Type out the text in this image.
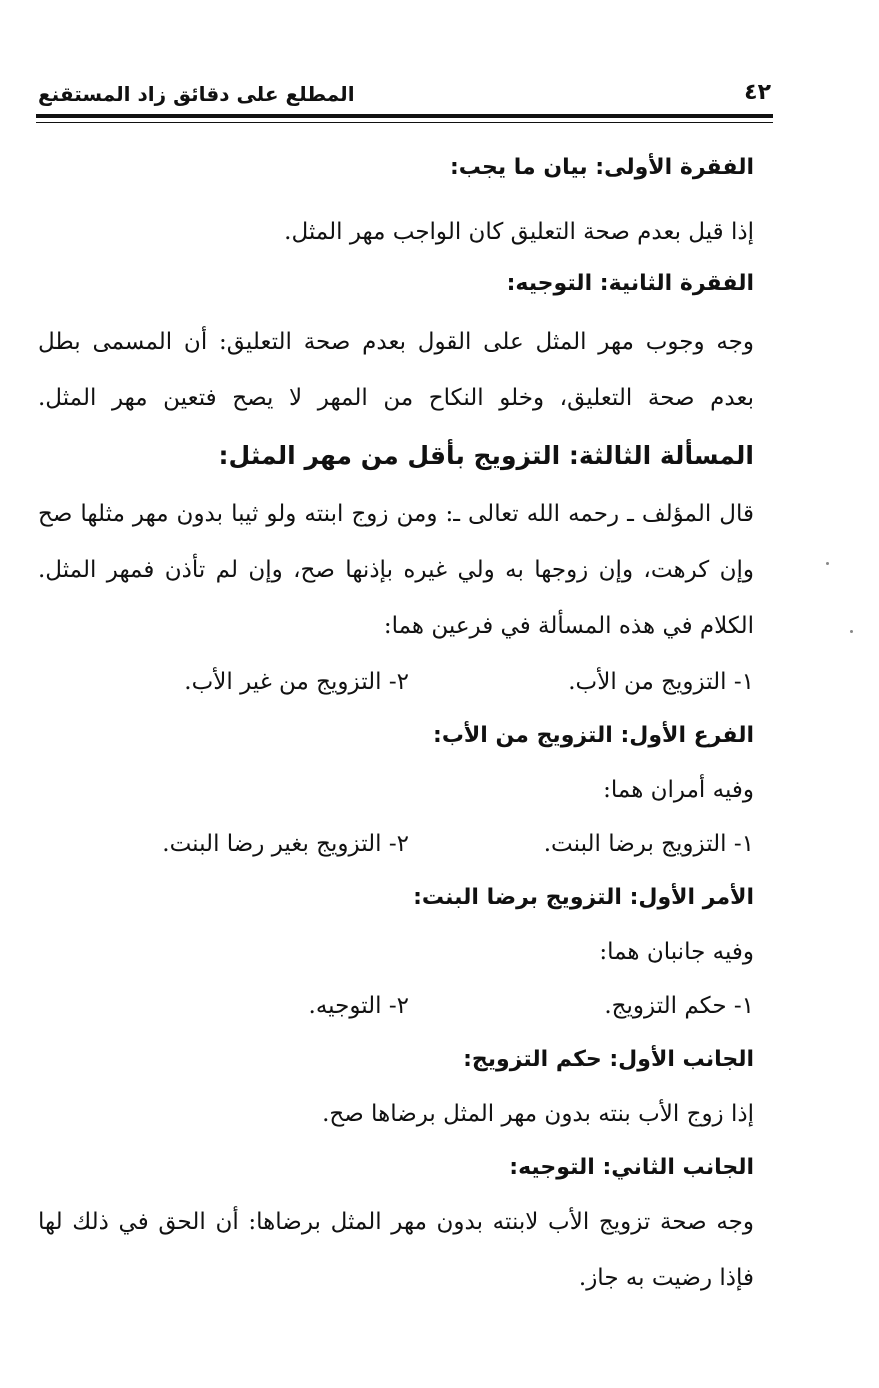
المطلع على دقائق زاد المستقنع	٤٢
الفقرة الأولى: بيان ما يجب:
إذا قيل بعدم صحة التعليق كان الواجب مهر المثل.
الفقرة الثانية: التوجيه:
وجه وجوب مهر المثل على القول بعدم صحة التعليق: أن المسمى بطل
بعدم صحة التعليق، وخلو النكاح من المهر لا يصح فتعين مهر المثل.
المسألة الثالثة: التزويج بأقل من مهر المثل:
قال المؤلف ـ رحمه الله تعالى ـ: ومن زوج ابنته ولو ثيبا بدون مهر مثلها صح
وإن كرهت، وإن زوجها به ولي غيره بإذنها صح، وإن لم تأذن فمهر المثل.
الكلام في هذه المسألة في فرعين هما:
١- التزويج من الأب.
٢- التزويج من غير الأب.
الفرع الأول: التزويج من الأب:
وفيه أمران هما:
١- التزويج برضا البنت.
٢- التزويج بغير رضا البنت.
الأمر الأول: التزويج برضا البنت:
وفيه جانبان هما:
١- حكم التزويج.
٢- التوجيه.
الجانب الأول: حكم التزويج:
إذا زوج الأب بنته بدون مهر المثل برضاها صح.
الجانب الثاني: التوجيه:
وجه صحة تزويج الأب لابنته بدون مهر المثل برضاها: أن الحق في ذلك لها
فإذا رضيت به جاز.
